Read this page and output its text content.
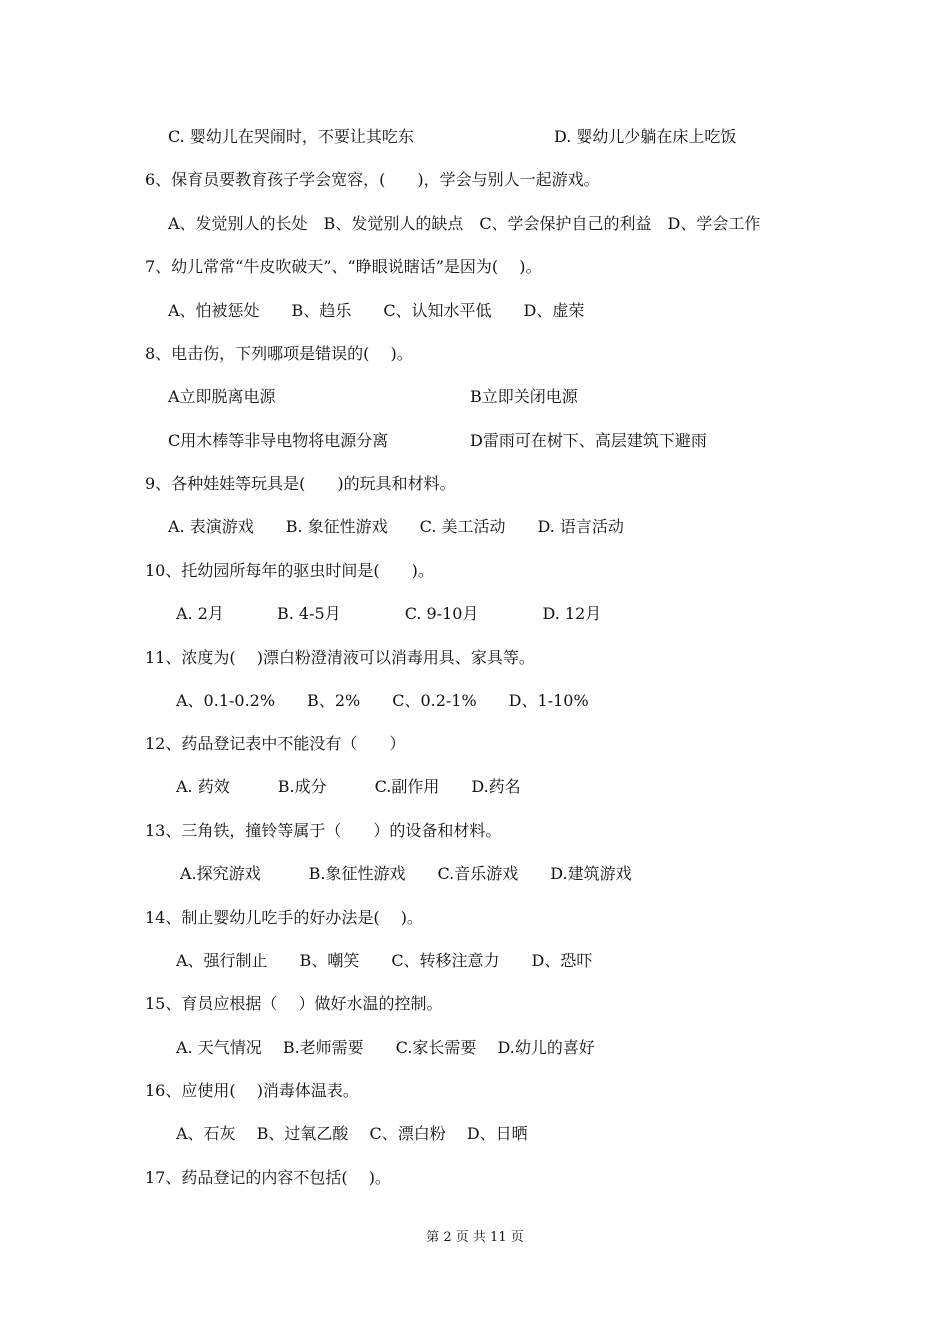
C. 婴幼儿在哭闹时，不要让其吃东	D. 婴幼儿少躺在床上吃饭
6、保育员要教育孩子学会宽容，(　　)，学会与别人一起游戏。
A、发觉别人的长处　B、发觉别人的缺点　C、学会保护自己的利益　D、学会工作
7、幼儿常常“牛皮吹破天”、“睁眼说瞎话”是因为(　 )。
A、怕被惩处　　B、趋乐　　C、认知水平低　　D、虚荣
8、电击伤，下列哪项是错误的(　 )。
A立即脱离电源	B立即关闭电源
C用木棒等非导电物将电源分离	D雷雨可在树下、高层建筑下避雨
9、各种娃娃等玩具是(　　)的玩具和材料。
A. 表演游戏　　B. 象征性游戏　　C. 美工活动　　D. 语言活动
10、托幼园所每年的驱虫时间是(　　)。
A. 2月　　　 B. 4-5月　　　　C. 9-10月　　　　D. 12月
11、浓度为(　 )漂白粉澄清液可以消毒用具、家具等。
A、0.1-0.2%　　B、2%　　C、0.2-1%　　D、1-10%
12、药品登记表中不能没有（　　）
A. 药效　　　B.成分　　　C.副作用　　D.药名
13、三角铁，撞铃等属于（　　）的设备和材料。
A.探究游戏　　　B.象征性游戏　　C.音乐游戏　　D.建筑游戏
14、制止婴幼儿吃手的好办法是(　 )。
A、强行制止　　B、嘲笑　　C、转移注意力　　D、恐吓
15、育员应根据（　 ）做好水温的控制。
A. 天气情况　 B.老师需要　　C.家长需要　 D.幼儿的喜好
16、应使用(　 )消毒体温表。
A、石灰　 B、过氧乙酸　 C、漂白粉　 D、日晒
17、药品登记的内容不包括(　 )。
第 2 页 共 11 页
